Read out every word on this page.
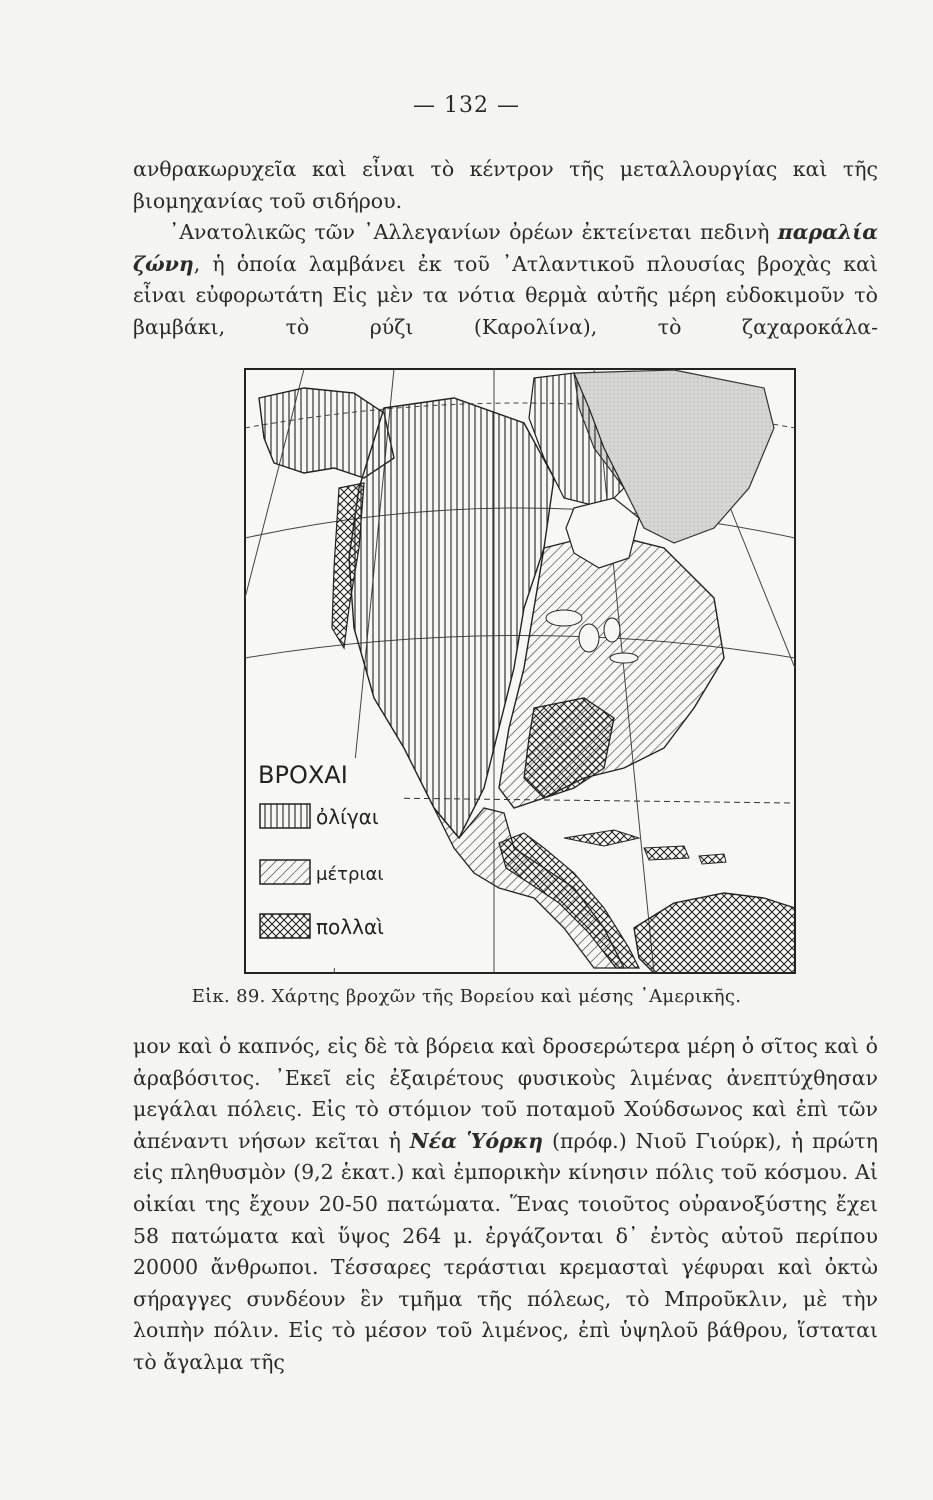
— 132 —

ανθρακωρυχεῖα καὶ εἶναι τὸ κέντρον τῆς μεταλλουργίας καὶ τῆς βιομηχανίας τοῦ σιδήρου.

᾿Ανατολικῶς τῶν ᾿Αλλεγανίων ὀρέων ἐκτείνεται πεδινὴ παραλία ζώνη, ἡ ὁποία λαμβάνει ἐκ τοῦ ᾿Ατλαντικοῦ πλουσίας βροχὰς καὶ εἶναι εὐφορωτάτη Εἰς μὲν τα νότια θερμὰ αὐτῆς μέρη εὐδοκιμοῦν τὸ βαμβάκι, τὸ ρύζι (Καρολίνα), τὸ ζαχαροκάλα-

ΒΡΟΧΑΙ
ὀλίγαι
μέτριαι
πολλαὶ
Εἰκ. 89. Χάρτης βροχῶν τῆς Βορείου καὶ μέσης ᾿Αμερικῆς.

μον καὶ ὁ καπνός, εἰς δὲ τὰ βόρεια καὶ δροσερώτερα μέρη ὁ σῖτος καὶ ὁ ἀραβόσιτος. ᾿Εκεῖ εἰς ἐξαιρέτους φυσικοὺς λιμένας ἀνεπτύχθησαν μεγάλαι πόλεις. Εἰς τὸ στόμιον τοῦ ποταμοῦ Χούδσωνος καὶ ἐπὶ τῶν ἀπέναντι νήσων κεῖται ἡ Νέα Ὑόρκη (πρόφ.) Νιοῦ Γιούρκ), ἡ πρώτη εἰς πληθυσμὸν (9,2 ἑκατ.) καὶ ἐμπορικὴν κίνησιν πόλις τοῦ κόσμου. Αἱ οἰκίαι της ἔχουν 20-50 πατώματα. Ἕνας τοιοῦτος οὐρανοξύστης ἔχει 58 πατώματα καὶ ὕψος 264 μ. ἐργάζονται δ᾿ ἐντὸς αὐτοῦ περίπου 20000 ἄνθρωποι. Τέσσαρες τεράστιαι κρεμασταὶ γέφυραι καὶ ὀκτὼ σήραγγες συνδέουν ἓν τμῆμα τῆς πόλεως, τὸ Μπροῦκλιν, μὲ τὴν λοιπὴν πόλιν. Εἰς τὸ μέσον τοῦ λιμένος, ἐπὶ ὑψηλοῦ βάθρου, ἵσταται τὸ ἄγαλμα τῆς
